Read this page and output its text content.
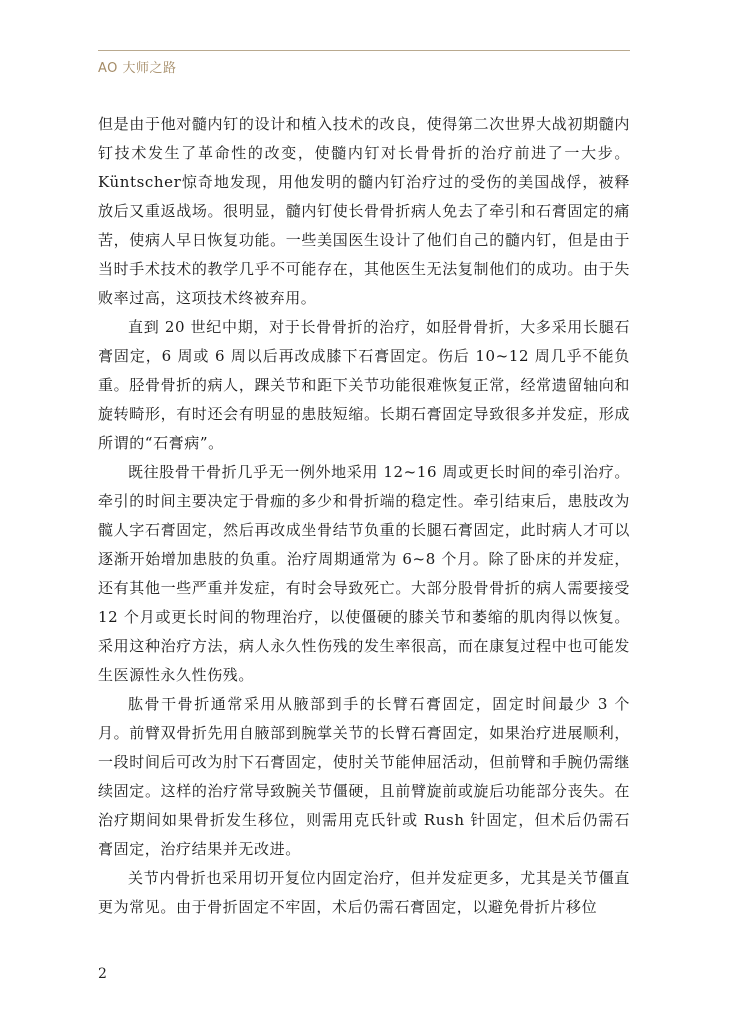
AO 大师之路

但是由于他对髓内钉的设计和植入技术的改良，使得第二次世界大战初期髓内钉技术发生了革命性的改变，使髓内钉对长骨骨折的治疗前进了一大步。Küntscher惊奇地发现，用他发明的髓内钉治疗过的受伤的美国战俘，被释放后又重返战场。很明显，髓内钉使长骨骨折病人免去了牵引和石膏固定的痛苦，使病人早日恢复功能。一些美国医生设计了他们自己的髓内钉，但是由于当时手术技术的教学几乎不可能存在，其他医生无法复制他们的成功。由于失败率过高，这项技术终被弃用。

直到 20 世纪中期，对于长骨骨折的治疗，如胫骨骨折，大多采用长腿石膏固定，6 周或 6 周以后再改成膝下石膏固定。伤后 10~12 周几乎不能负重。胫骨骨折的病人，踝关节和距下关节功能很难恢复正常，经常遗留轴向和旋转畸形，有时还会有明显的患肢短缩。长期石膏固定导致很多并发症，形成所谓的“石膏病”。

既往股骨干骨折几乎无一例外地采用 12~16 周或更长时间的牵引治疗。牵引的时间主要决定于骨痂的多少和骨折端的稳定性。牵引结束后，患肢改为髋人字石膏固定，然后再改成坐骨结节负重的长腿石膏固定，此时病人才可以逐渐开始增加患肢的负重。治疗周期通常为 6~8 个月。除了卧床的并发症，还有其他一些严重并发症，有时会导致死亡。大部分股骨骨折的病人需要接受 12 个月或更长时间的物理治疗，以使僵硬的膝关节和萎缩的肌肉得以恢复。采用这种治疗方法，病人永久性伤残的发生率很高，而在康复过程中也可能发生医源性永久性伤残。

肱骨干骨折通常采用从腋部到手的长臂石膏固定，固定时间最少 3 个月。前臂双骨折先用自腋部到腕掌关节的长臂石膏固定，如果治疗进展顺利，一段时间后可改为肘下石膏固定，使肘关节能伸屈活动，但前臂和手腕仍需继续固定。这样的治疗常导致腕关节僵硬，且前臂旋前或旋后功能部分丧失。在治疗期间如果骨折发生移位，则需用克氏针或 Rush 针固定，但术后仍需石膏固定，治疗结果并无改进。

关节内骨折也采用切开复位内固定治疗，但并发症更多，尤其是关节僵直更为常见。由于骨折固定不牢固，术后仍需石膏固定，以避免骨折片移位

2
